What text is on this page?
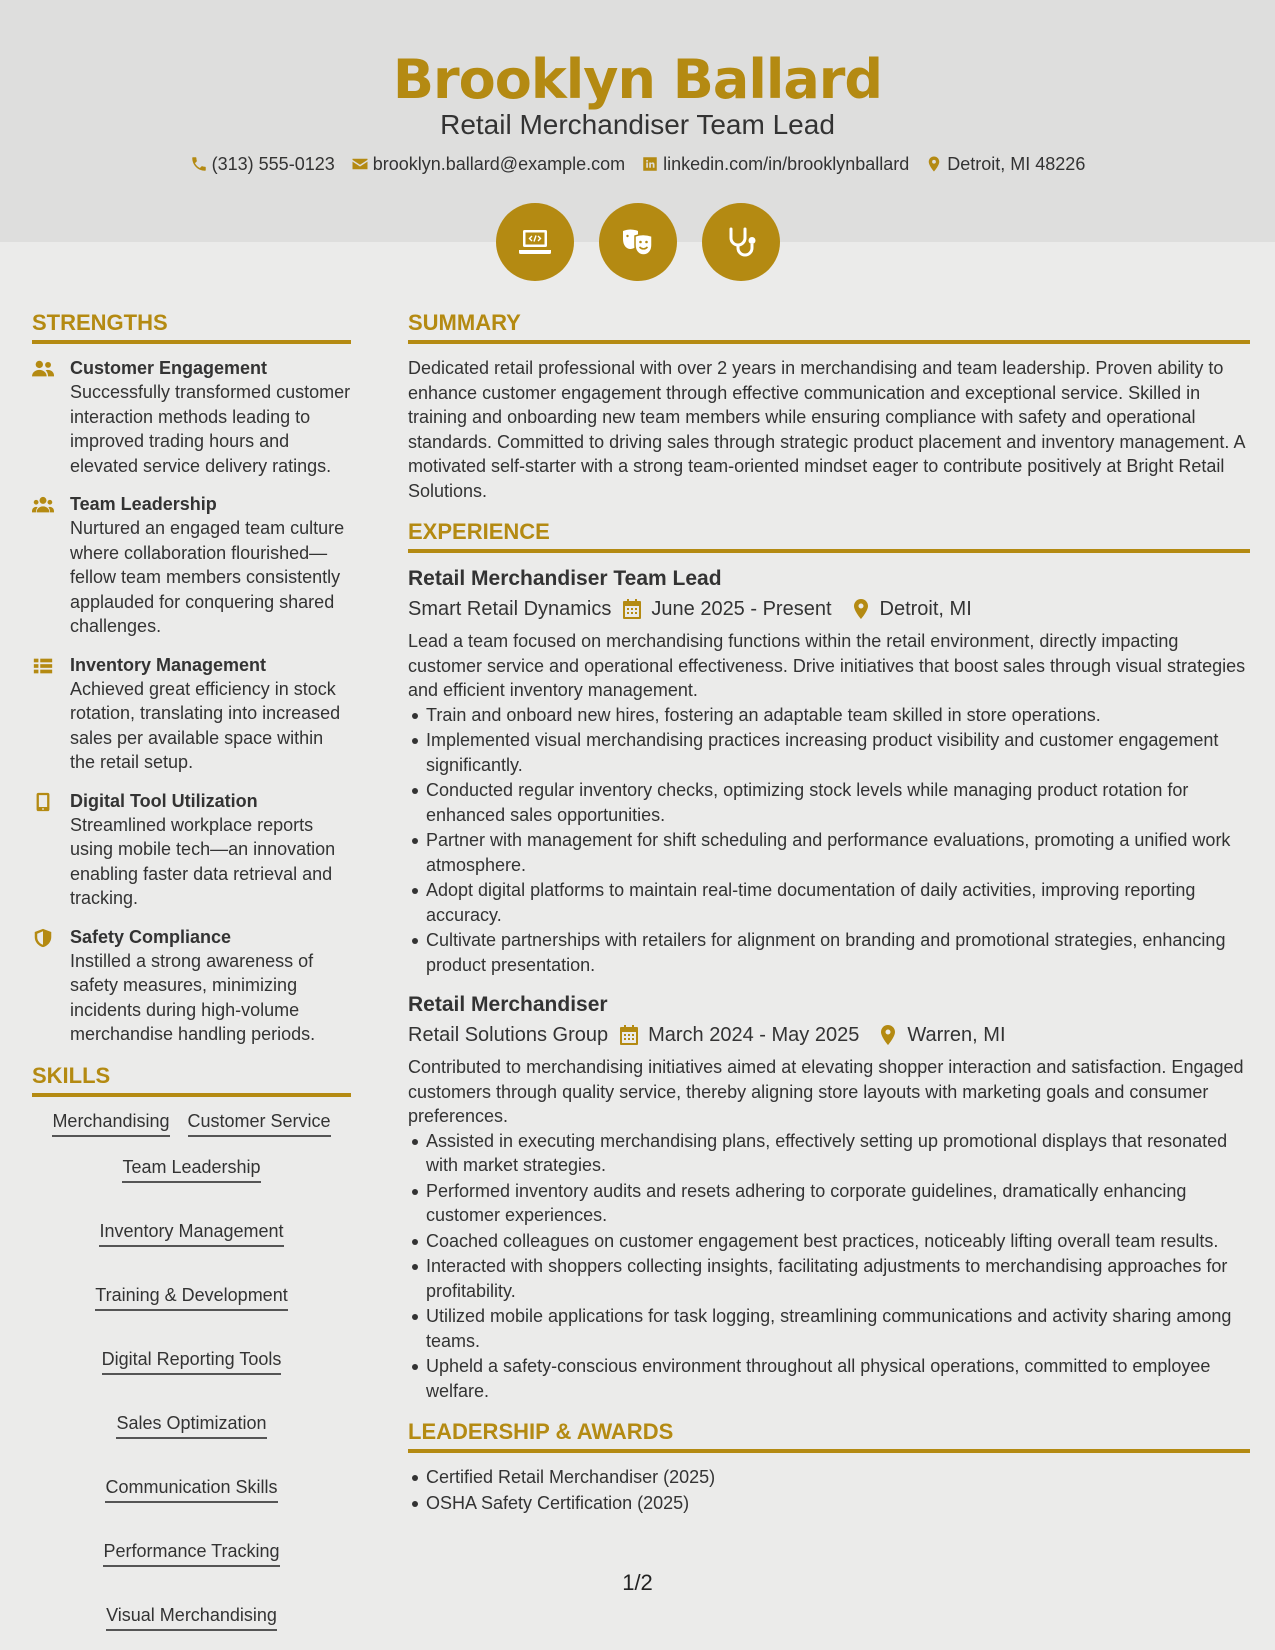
Brooklyn Ballard
Retail Merchandiser Team Lead
(313) 555-0123 brooklyn.ballard@example.com linkedin.com/in/brooklynballard Detroit, MI 48226
STRENGTHS
Customer Engagement
Successfully transformed customer interaction methods leading to improved trading hours and elevated service delivery ratings.
Team Leadership
Nurtured an engaged team culture where collaboration flourished—fellow team members consistently applauded for conquering shared challenges.
Inventory Management
Achieved great efficiency in stock rotation, translating into increased sales per available space within the retail setup.
Digital Tool Utilization
Streamlined workplace reports using mobile tech—an innovation enabling faster data retrieval and tracking.
Safety Compliance
Instilled a strong awareness of safety measures, minimizing incidents during high-volume merchandise handling periods.
SKILLS
Merchandising Customer Service
Team Leadership
Inventory Management
Training & Development
Digital Reporting Tools
Sales Optimization
Communication Skills
Performance Tracking
Visual Merchandising
SUMMARY
Dedicated retail professional with over 2 years in merchandising and team leadership. Proven ability to enhance customer engagement through effective communication and exceptional service. Skilled in training and onboarding new team members while ensuring compliance with safety and operational standards. Committed to driving sales through strategic product placement and inventory management. A motivated self-starter with a strong team-oriented mindset eager to contribute positively at Bright Retail Solutions.
EXPERIENCE
Retail Merchandiser Team Lead
Smart Retail Dynamics June 2025 - Present Detroit, MI
Lead a team focused on merchandising functions within the retail environment, directly impacting customer service and operational effectiveness. Drive initiatives that boost sales through visual strategies and efficient inventory management.
Train and onboard new hires, fostering an adaptable team skilled in store operations.
Implemented visual merchandising practices increasing product visibility and customer engagement significantly.
Conducted regular inventory checks, optimizing stock levels while managing product rotation for enhanced sales opportunities.
Partner with management for shift scheduling and performance evaluations, promoting a unified work atmosphere.
Adopt digital platforms to maintain real-time documentation of daily activities, improving reporting accuracy.
Cultivate partnerships with retailers for alignment on branding and promotional strategies, enhancing product presentation.
Retail Merchandiser
Retail Solutions Group March 2024 - May 2025 Warren, MI
Contributed to merchandising initiatives aimed at elevating shopper interaction and satisfaction. Engaged customers through quality service, thereby aligning store layouts with marketing goals and consumer preferences.
Assisted in executing merchandising plans, effectively setting up promotional displays that resonated with market strategies.
Performed inventory audits and resets adhering to corporate guidelines, dramatically enhancing customer experiences.
Coached colleagues on customer engagement best practices, noticeably lifting overall team results.
Interacted with shoppers collecting insights, facilitating adjustments to merchandising approaches for profitability.
Utilized mobile applications for task logging, streamlining communications and activity sharing among teams.
Upheld a safety-conscious environment throughout all physical operations, committed to employee welfare.
LEADERSHIP & AWARDS
Certified Retail Merchandiser (2025)
OSHA Safety Certification (2025)
1/2
